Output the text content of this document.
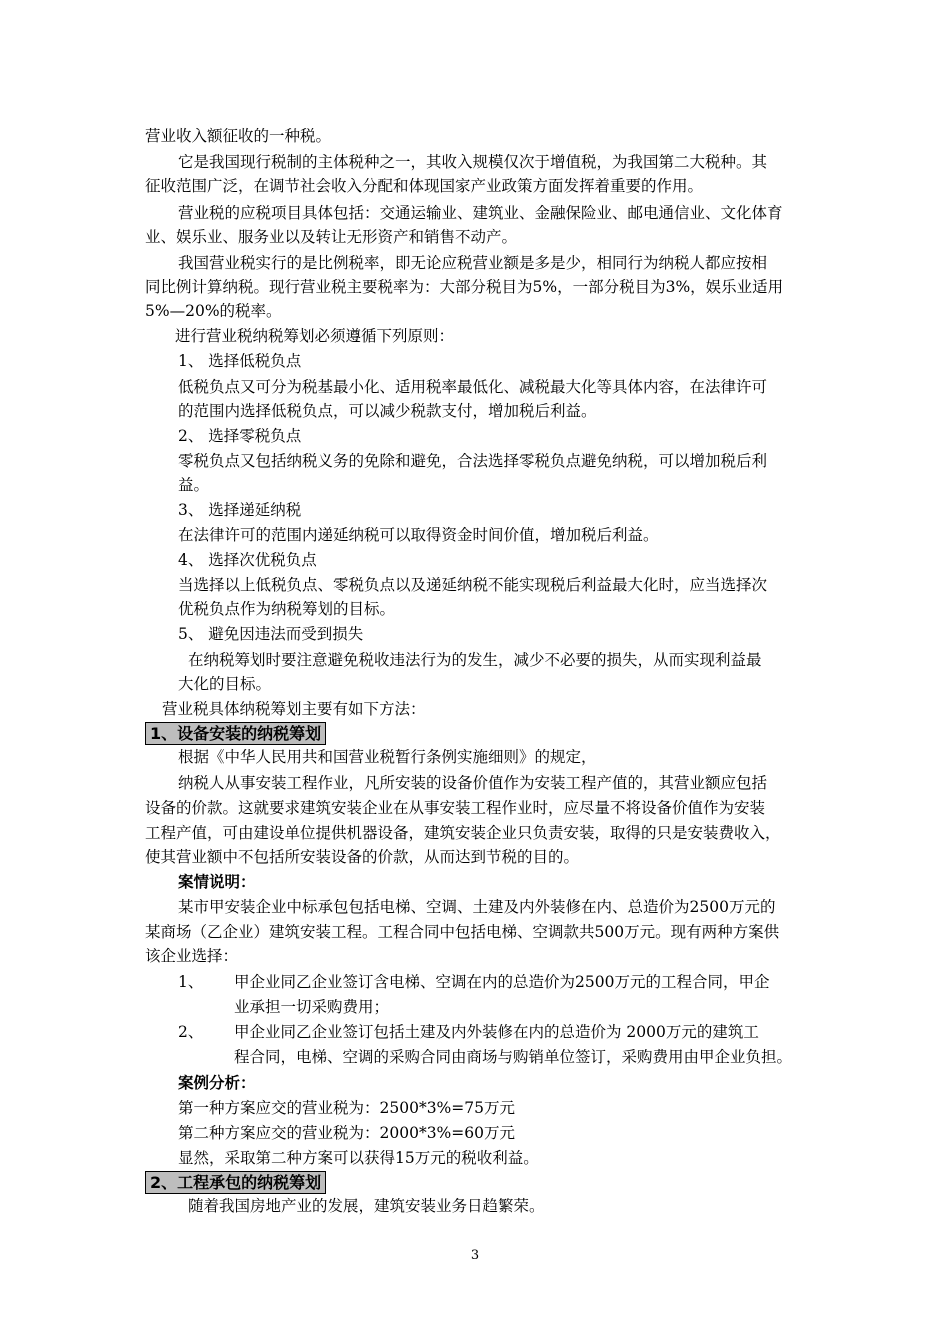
营业收入额征收的一种税。
它是我国现行税制的主体税种之一，其收入规模仅次于增值税，为我国第二大税种。其
征收范围广泛，在调节社会收入分配和体现国家产业政策方面发挥着重要的作用。
营业税的应税项目具体包括：交通运输业、建筑业、金融保险业、邮电通信业、文化体育
业、娱乐业、服务业以及转让无形资产和销售不动产。
我国营业税实行的是比例税率，即无论应税营业额是多是少，相同行为纳税人都应按相
同比例计算纳税。现行营业税主要税率为：大部分税目为5%，一部分税目为3%，娱乐业适用
5%—20%的税率。
进行营业税纳税筹划必须遵循下列原则：
1、 选择低税负点
低税负点又可分为税基最小化、适用税率最低化、减税最大化等具体内容，在法律许可
的范围内选择低税负点，可以减少税款支付，增加税后利益。
2、 选择零税负点
零税负点又包括纳税义务的免除和避免，合法选择零税负点避免纳税，可以增加税后利
益。
3、 选择递延纳税
在法律许可的范围内递延纳税可以取得资金时间价值，增加税后利益。
4、 选择次优税负点
当选择以上低税负点、零税负点以及递延纳税不能实现税后利益最大化时，应当选择次
优税负点作为纳税筹划的目标。
5、 避免因违法而受到损失
在纳税筹划时要注意避免税收违法行为的发生，减少不必要的损失，从而实现利益最
大化的目标。
营业税具体纳税筹划主要有如下方法：
1、设备安装的纳税筹划
根据《中华人民用共和国营业税暂行条例实施细则》的规定，
纳税人从事安装工程作业，凡所安装的设备价值作为安装工程产值的，其营业额应包括
设备的价款。这就要求建筑安装企业在从事安装工程作业时，应尽量不将设备价值作为安装
工程产值，可由建设单位提供机器设备，建筑安装企业只负责安装，取得的只是安装费收入，
使其营业额中不包括所安装设备的价款，从而达到节税的目的。
案情说明：
某市甲安装企业中标承包包括电梯、空调、土建及内外装修在内、总造价为2500万元的
某商场（乙企业）建筑安装工程。工程合同中包括电梯、空调款共500万元。现有两种方案供
该企业选择：
1、 甲企业同乙企业签订含电梯、空调在内的总造价为2500万元的工程合同，甲企
业承担一切采购费用；
2、 甲企业同乙企业签订包括土建及内外装修在内的总造价为 2000万元的建筑工
程合同，电梯、空调的采购合同由商场与购销单位签订，采购费用由甲企业负担。
案例分析：
第一种方案应交的营业税为：2500*3%=75万元
第二种方案应交的营业税为：2000*3%=60万元
显然，采取第二种方案可以获得15万元的税收利益。
2、工程承包的纳税筹划
随着我国房地产业的发展，建筑安装业务日趋繁荣。
3
